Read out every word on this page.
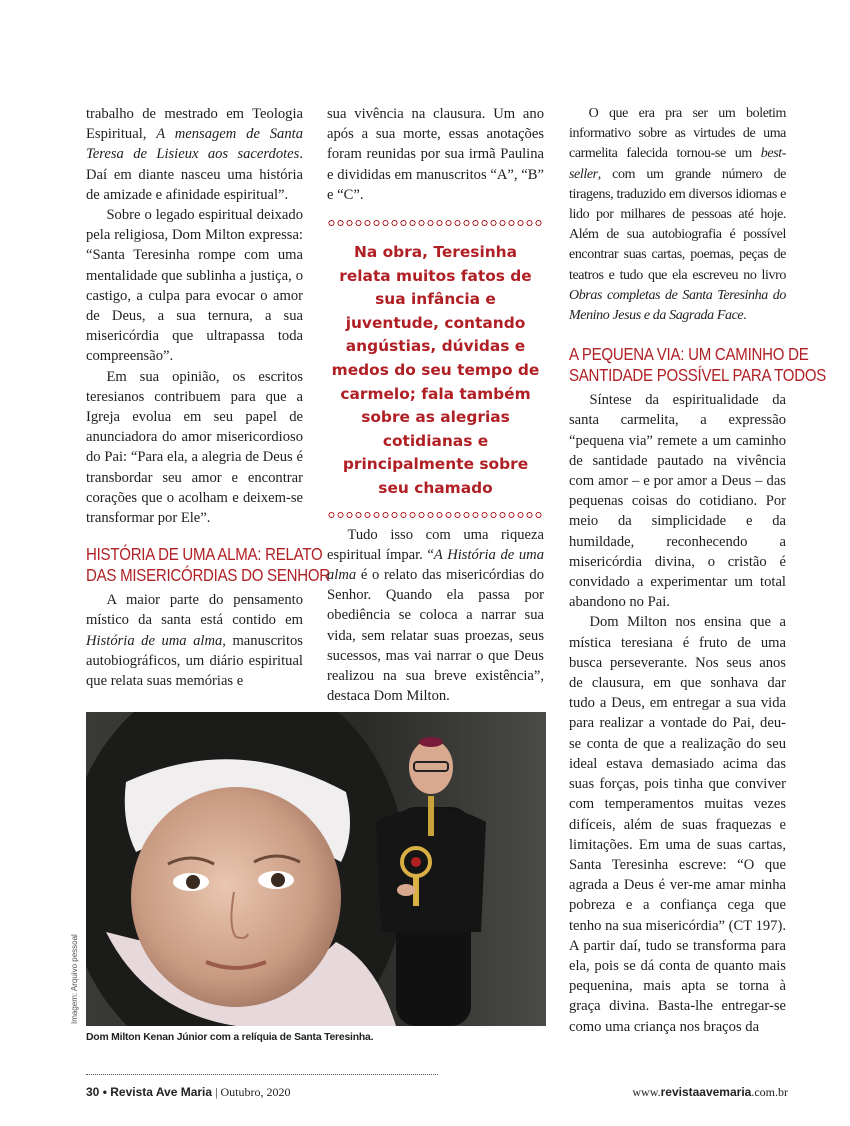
trabalho de mestrado em Teologia Espiritual, A mensagem de Santa Teresa de Lisieux aos sacerdotes. Daí em diante nasceu uma história de amizade e afinidade espiritual”.

Sobre o legado espiritual deixado pela religiosa, Dom Milton expressa: “Santa Teresinha rompe com uma mentalidade que sublinha a justiça, o castigo, a culpa para evocar o amor de Deus, a sua ternura, a sua misericórdia que ultrapassa toda compreensão”.

Em sua opinião, os escritos teresianos contribuem para que a Igreja evolua em seu papel de anunciadora do amor misericordioso do Pai: “Para ela, a alegria de Deus é transbordar seu amor e encontrar corações que o acolham e deixem-se transformar por Ele”.

HISTÓRIA DE UMA ALMA: RELATO
DAS MISERICÓRDIAS DO SENHOR

A maior parte do pensamento místico da santa está contido em História de uma alma, manuscritos autobiográficos, um diário espiritual que relata suas memórias e

sua vivência na clausura. Um ano após a sua morte, essas anotações foram reunidas por sua irmã Paulina e divididas em manuscritos “A”, “B” e “C”.

Na obra, Teresinha relata muitos fatos de sua infância e juventude, contando angústias, dúvidas e medos do seu tempo de carmelo; fala também sobre as alegrias cotidianas e principalmente sobre seu chamado

Tudo isso com uma riqueza espiritual ímpar. “A História de uma alma é o relato das misericórdias do Senhor. Quando ela passa por obediência se coloca a narrar sua vida, sem relatar suas proezas, seus sucessos, mas vai narrar o que Deus realizou na sua breve existência”, destaca Dom Milton.

O que era pra ser um boletim informativo sobre as virtudes de uma carmelita falecida tornou-se um best-seller, com um grande número de tiragens, traduzido em diversos idiomas e lido por milhares de pessoas até hoje. Além de sua autobiografia é possível encontrar suas cartas, poemas, peças de teatros e tudo que ela escreveu no livro Obras completas de Santa Teresinha do Menino Jesus e da Sagrada Face.

A PEQUENA VIA: UM CAMINHO DE
SANTIDADE POSSÍVEL PARA TODOS

Síntese da espiritualidade da santa carmelita, a expressão “pequena via” remete a um caminho de santidade pautado na vivência com amor – e por amor a Deus – das pequenas coisas do cotidiano. Por meio da simplicidade e da humildade, reconhecendo a misericórdia divina, o cristão é convidado a experimentar um total abandono no Pai.

Dom Milton nos ensina que a mística teresiana é fruto de uma busca perseverante. Nos seus anos de clausura, em que sonhava dar tudo a Deus, em entregar a sua vida para realizar a vontade do Pai, deu-se conta de que a realização do seu ideal estava demasiado acima das suas forças, pois tinha que conviver com temperamentos muitas vezes difíceis, além de suas fraquezas e limitações. Em uma de suas cartas, Santa Teresinha escreve: “O que agrada a Deus é ver-me amar minha pobreza e a confiança cega que tenho na sua misericórdia” (CT 197). A partir daí, tudo se transforma para ela, pois se dá conta de quanto mais pequenina, mais apta se torna à graça divina. Basta-lhe entregar-se como uma criança nos braços da

Imagem: Arquivo pessoal
Dom Milton Kenan Júnior com a relíquia de Santa Teresinha.
30 • Revista Ave Maria | Outubro, 2020	www.revistaavemaria.com.br
